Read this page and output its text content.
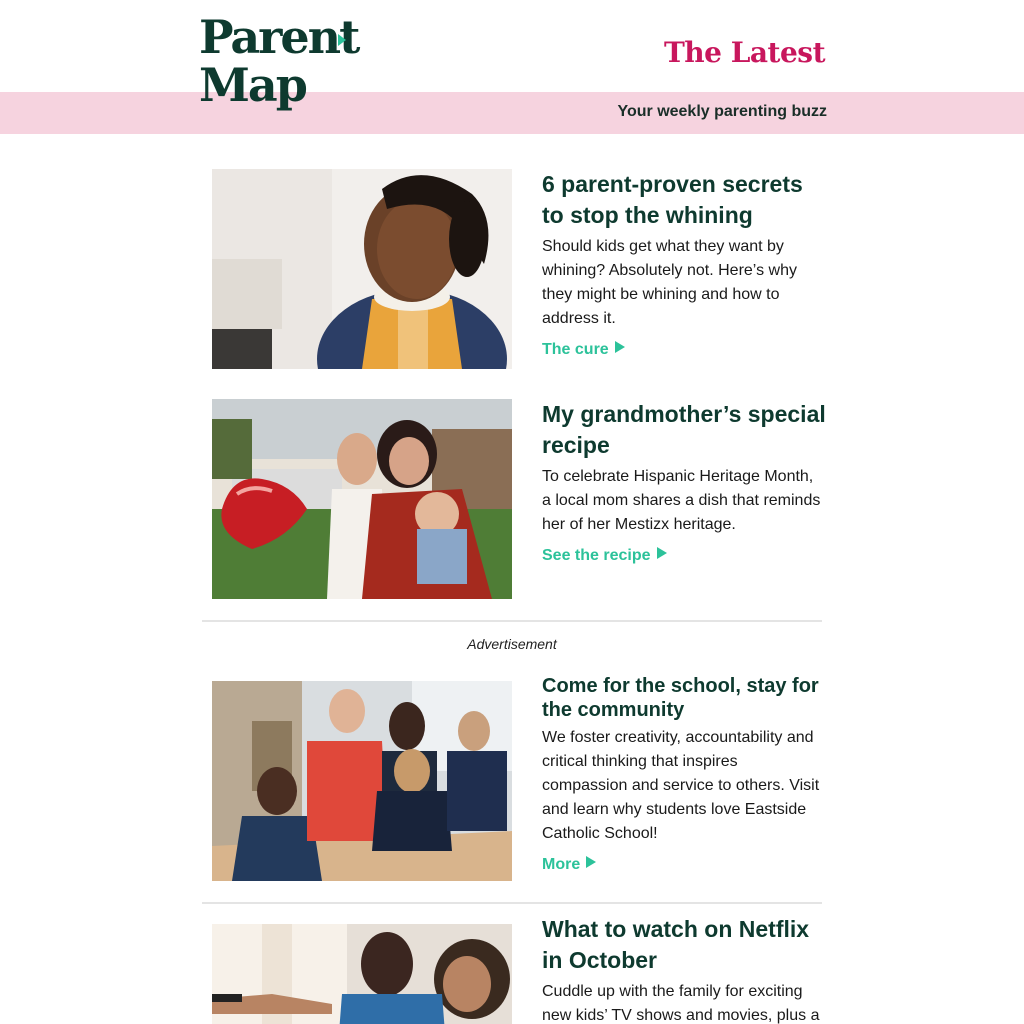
Parent
Map
The Latest
Your weekly parenting buzz
6 parent-proven secrets to stop the whining
Should kids get what they want by whining? Absolutely not. Here’s why they might be whining and how to address it.
The cure
My grandmother’s special recipe
To celebrate Hispanic Heritage Month, a local mom shares a dish that reminds her of her Mestizx heritage.
See the recipe
Advertisement
Come for the school, stay for the community
We foster creativity, accountability and critical thinking that inspires compassion and service to others. Visit and learn why students love Eastside Catholic School!
More
What to watch on Netflix in October
Cuddle up with the family for exciting new kids’ TV shows and movies, plus a
